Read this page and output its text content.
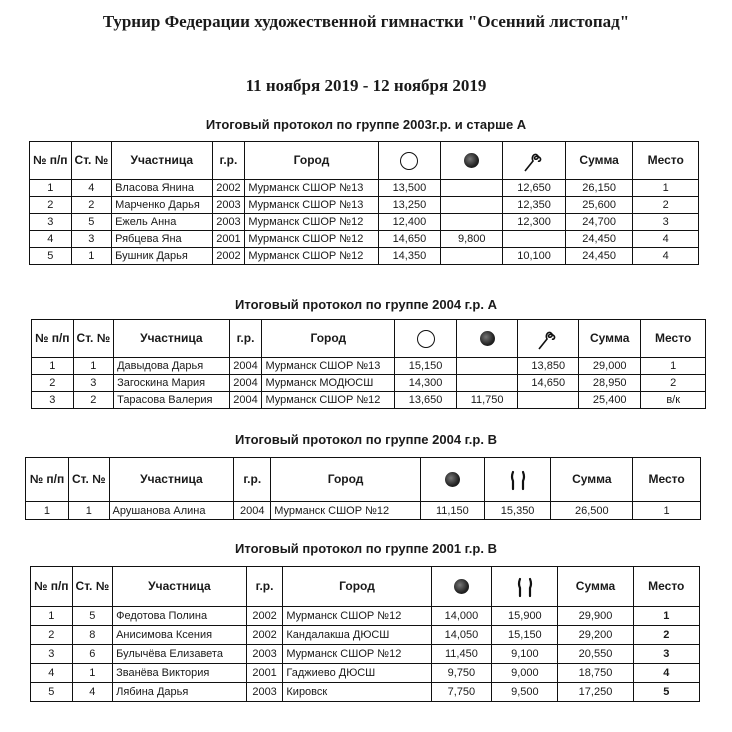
Турнир Федерации художественной гимнастки "Осенний листопад"
11 ноября 2019 - 12 ноября 2019
Итоговый протокол по группе 2003г.р. и старше А
№ п/п	Ст. №	Участница	г.р.	Город				Сумма	Место
1	4	Власова Янина	2002	Мурманск СШОР №13	13,500		12,650	26,150	1
2	2	Марченко Дарья	2003	Мурманск СШОР №13	13,250		12,350	25,600	2
3	5	Ежель Анна	2003	Мурманск СШОР №12	12,400		12,300	24,700	3
4	3	Рябцева Яна	2001	Мурманск СШОР №12	14,650	9,800		24,450	4
5	1	Бушник Дарья	2002	Мурманск СШОР №12	14,350		10,100	24,450	4
Итоговый протокол по группе 2004 г.р. А
№ п/п	Ст. №	Участница	г.р.	Город				Сумма	Место
1	1	Давыдова Дарья	2004	Мурманск СШОР №13	15,150		13,850	29,000	1
2	3	Загоскина Мария	2004	Мурманск МОДЮСШ	14,300		14,650	28,950	2
3	2	Тарасова Валерия	2004	Мурманск СШОР №12	13,650	11,750		25,400	в/к
Итоговый протокол по группе 2004 г.р. В
№ п/п	Ст. №	Участница	г.р.	Город			Сумма	Место
1	1	Арушанова Алина	2004	Мурманск СШОР №12	11,150	15,350	26,500	1
Итоговый протокол по группе 2001 г.р. В
№ п/п	Ст. №	Участница	г.р.	Город			Сумма	Место
1	5	Федотова Полина	2002	Мурманск СШОР №12	14,000	15,900	29,900	1
2	8	Анисимова Ксения	2002	Кандалакша ДЮСШ	14,050	15,150	29,200	2
3	6	Булычёва Елизавета	2003	Мурманск СШОР №12	11,450	9,100	20,550	3
4	1	Званёва Виктория	2001	Гаджиево ДЮСШ	9,750	9,000	18,750	4
5	4	Лябина Дарья	2003	Кировск	7,750	9,500	17,250	5
